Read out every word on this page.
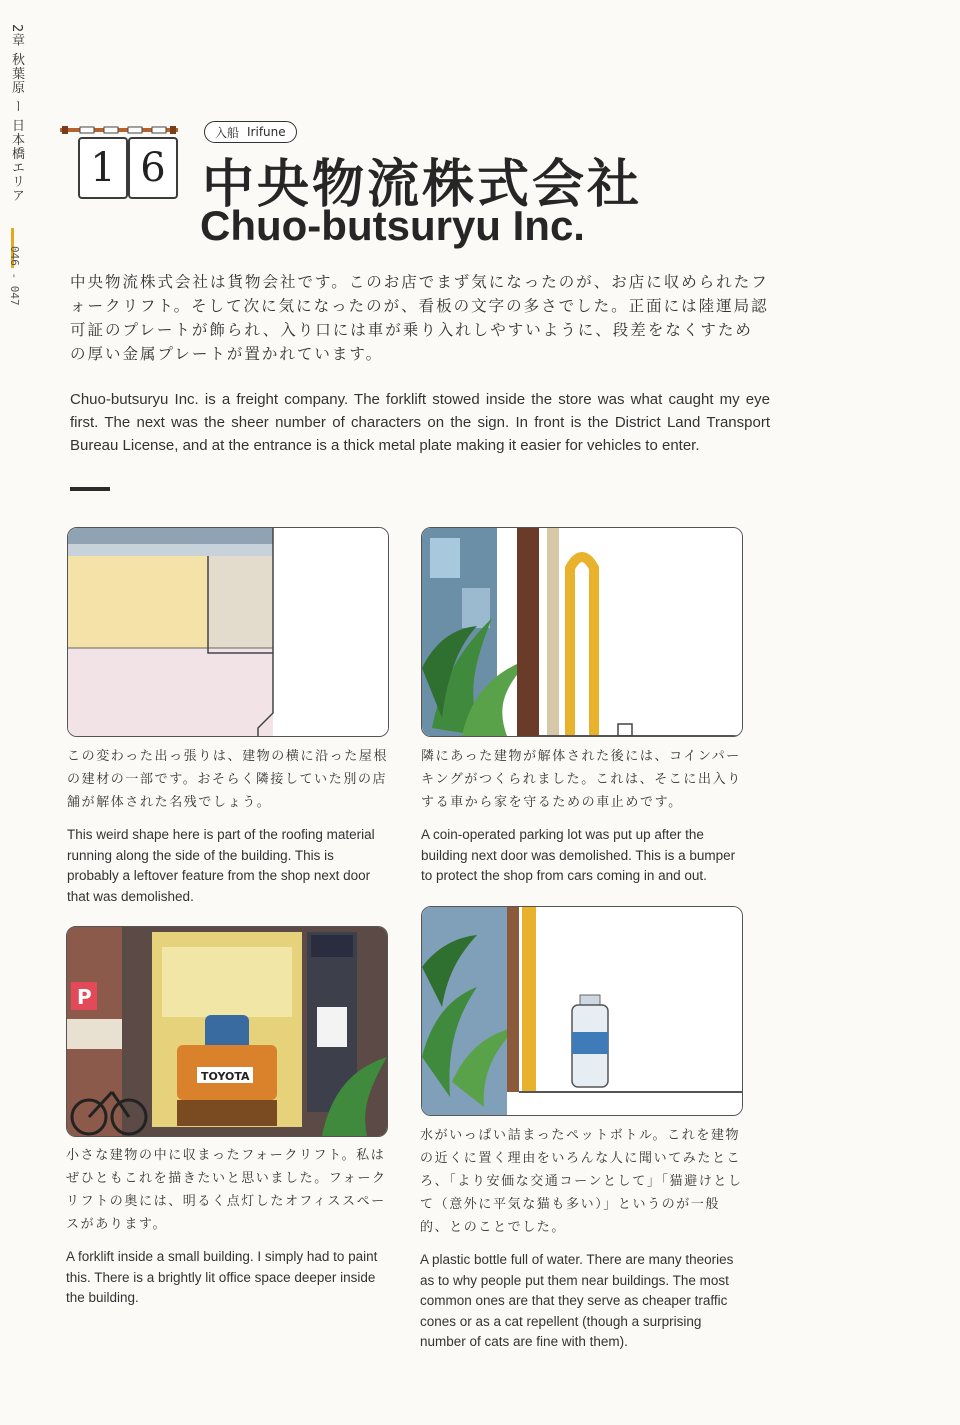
2章 秋葉原 ー 日本橋エリア
046 - 047
1 6
入船 Irifune
中央物流株式会社
Chuo-butsuryu Inc.
中央物流株式会社は貨物会社です。このお店でまず気になったのが、お店に収められたフォークリフト。そして次に気になったのが、看板の文字の多さでした。正面には陸運局認可証のプレートが飾られ、入り口には車が乗り入れしやすいように、段差をなくすための厚い金属プレートが置かれています。
Chuo-butsuryu Inc. is a freight company. The forklift stowed inside the store was what caught my eye first. The next was the sheer number of characters on the sign. In front is the District Land Transport Bureau License, and at the entrance is a thick metal plate making it easier for vehicles to enter.
この変わった出っ張りは、建物の横に沿った屋根の建材の一部です。おそらく隣接していた別の店舗が解体された名残でしょう。
This weird shape here is part of the roofing material running along the side of the building. This is probably a leftover feature from the shop next door that was demolished.
隣にあった建物が解体された後には、コインパーキングがつくられました。これは、そこに出入りする車から家を守るための車止めです。
A coin-operated parking lot was put up after the building next door was demolished. This is a bumper to protect the shop from cars coming in and out.
P
TOYOTA
小さな建物の中に収まったフォークリフト。私はぜひともこれを描きたいと思いました。フォークリフトの奥には、明るく点灯したオフィススペースがあります。
A forklift inside a small building. I simply had to paint this. There is a brightly lit office space deeper inside the building.
水がいっぱい詰まったペットボトル。これを建物の近くに置く理由をいろんな人に聞いてみたところ、「より安価な交通コーンとして」「猫避けとして（意外に平気な猫も多い）」というのが一般的、とのことでした。
A plastic bottle full of water. There are many theories as to why people put them near buildings. The most common ones are that they serve as cheaper traffic cones or as a cat repellent (though a surprising number of cats are fine with them).
